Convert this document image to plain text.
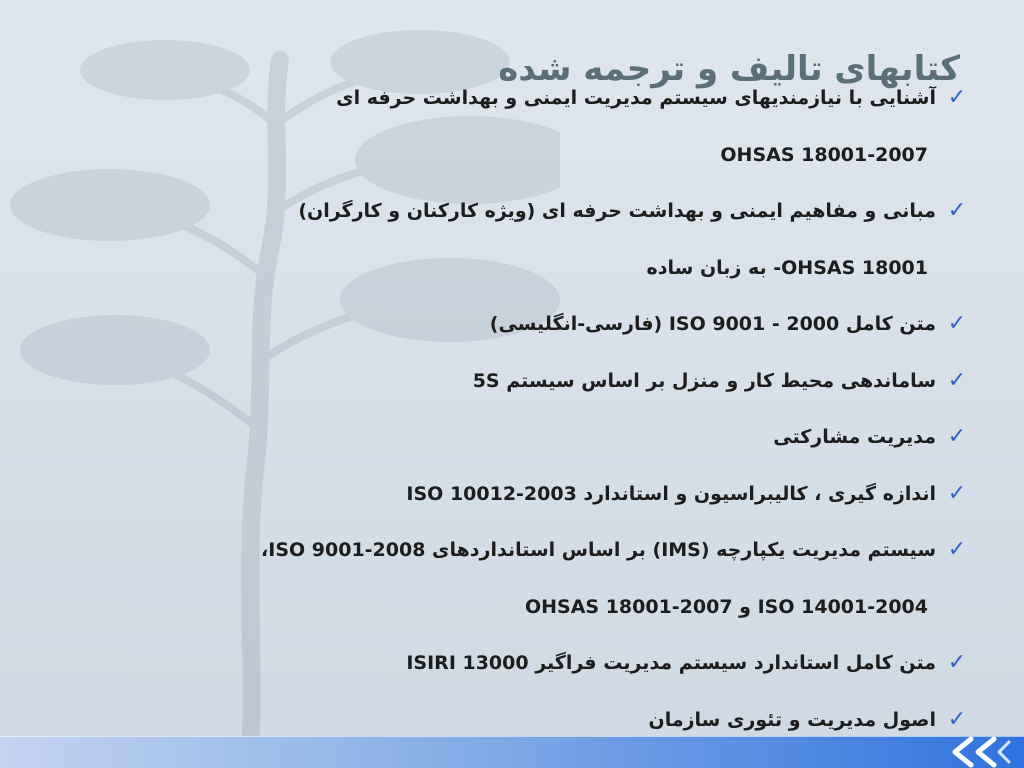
کتابهای تالیف و ترجمه شده
✓
آشنایی با نیازمندیهای سیستم مدیریت ایمنی و بهداشت حرفه ای
OHSAS 18001-2007
✓
مبانی و مفاهیم ایمنی و بهداشت حرفه ای (ویژه کارکنان و کارگران)
OHSAS 18001- به زبان ساده
✓
متن کامل ISO 9001 - 2000 (فارسی-انگلیسی)
✓
ساماندهی محیط کار و منزل بر اساس سیستم 5S
✓
مدیریت مشارکتی
✓
اندازه گیری ، کالیبراسیون و استاندارد ISO 10012-2003
✓
سیستم مدیریت یکپارچه (IMS) بر اساس استانداردهای ISO 9001-2008،
ISO 14001-2004 و OHSAS 18001-2007
✓
متن کامل استاندارد سیستم مدیریت فراگیر ISIRI 13000
✓
اصول مدیریت و تئوری سازمان
